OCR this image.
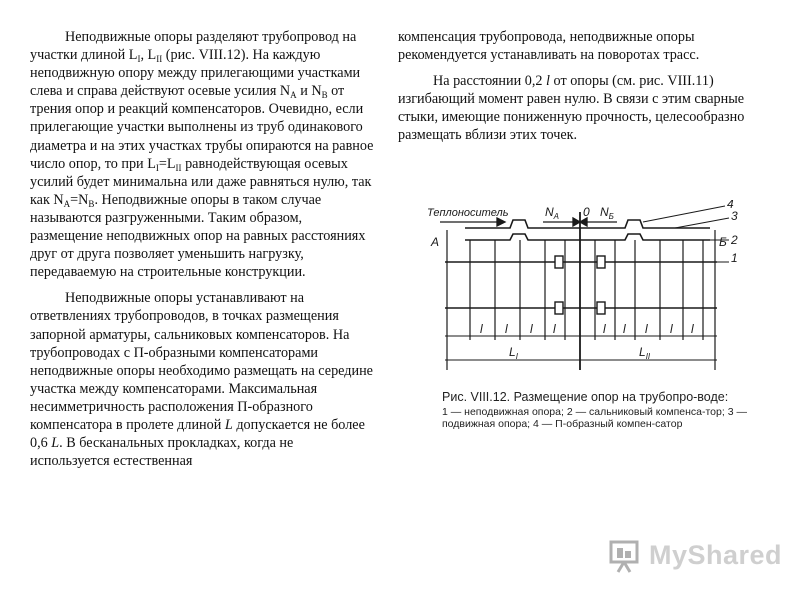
Неподвижные опоры разделяют трубопровод на участки длиной $L_I$, $L_{II}$ (рис. VIII.12). На каждую неподвижную опору между прилегающими участками слева и справа действуют осевые усилия $N_A$ и $N_B$ от трения опор и реакций компенсаторов. Очевидно, если прилегающие участки выполнены из труб одинакового диаметра и на этих участках трубы опираются на равное число опор, то при $L_I=L_{II}$ равнодействующая осевых усилий будет минимальна или даже равняться нулю, так как $N_A=N_B$. Неподвижные опоры в таком случае называются разгруженными. Таким образом, размещение неподвижных опор на равных расстояниях друг от друга позволяет уменьшить нагрузку, передаваемую на строительные конструкции.

Неподвижные опоры устанавливают на ответвлениях трубопроводов, в точках размещения запорной арматуры, сальниковых компенсаторов. На трубопроводах с П-образными компенсаторами неподвижные опоры необходимо размещать на середине участка между компенсаторами. Максимальная несимметричность расположения П-образного компенсатора в пролете длиной L допускается не более 0,6 L. В бесканальных прокладках, когда не используется естественная

компенсация трубопровода, неподвижные опоры рекомендуется устанавливать на поворотах трасс.

На расстоянии 0,2 l от опоры (см. рис. VIII.11) изгибающий момент равен нулю. В связи с этим сварные стыки, имеющие пониженную прочность, целесообразно размещать вблизи этих точек.

Теплоноситель	$N_A$ 0 $N_Б$
A	Б
4
3
2
1
l l l l	l l l l l
$L_I$	$L_{II}$
Рис. VIII.12. Размещение опор на трубопро-воде:
1 — неподвижная опора; 2 — сальниковый компенса-тор; 3 — подвижная опора; 4 — П-образный компен-сатор
MyShared
